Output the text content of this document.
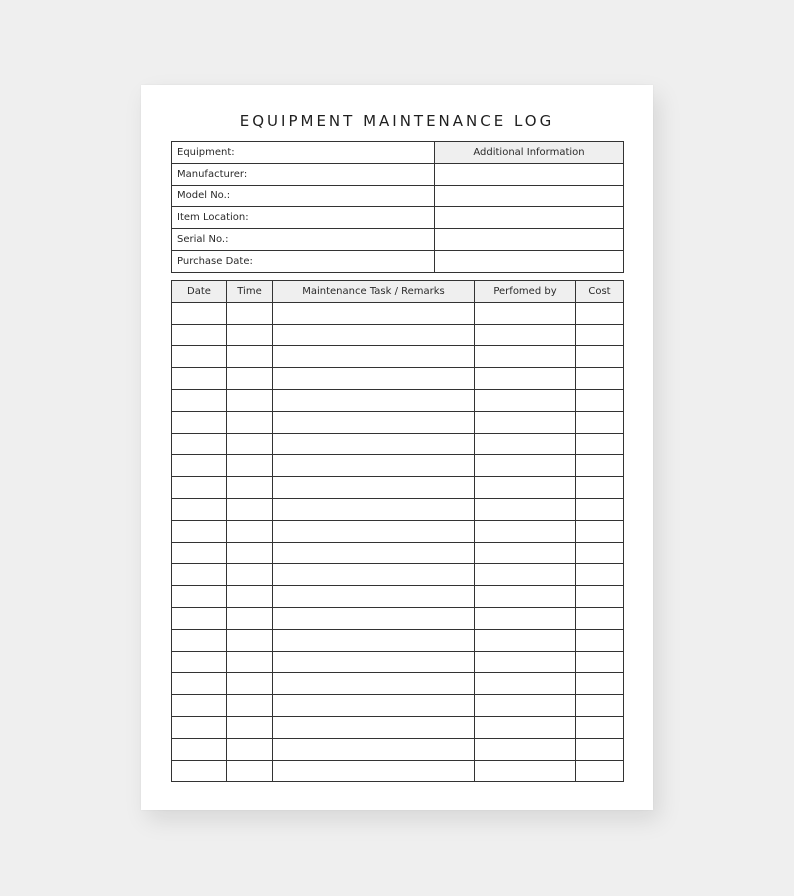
EQUIPMENT MAINTENANCE LOG
Equipment:	Additional Information
Manufacturer:	
Model No.:	
Item Location:	
Serial No.:	
Purchase Date:	
Date	Time	Maintenance Task / Remarks	Perfomed by	Cost
